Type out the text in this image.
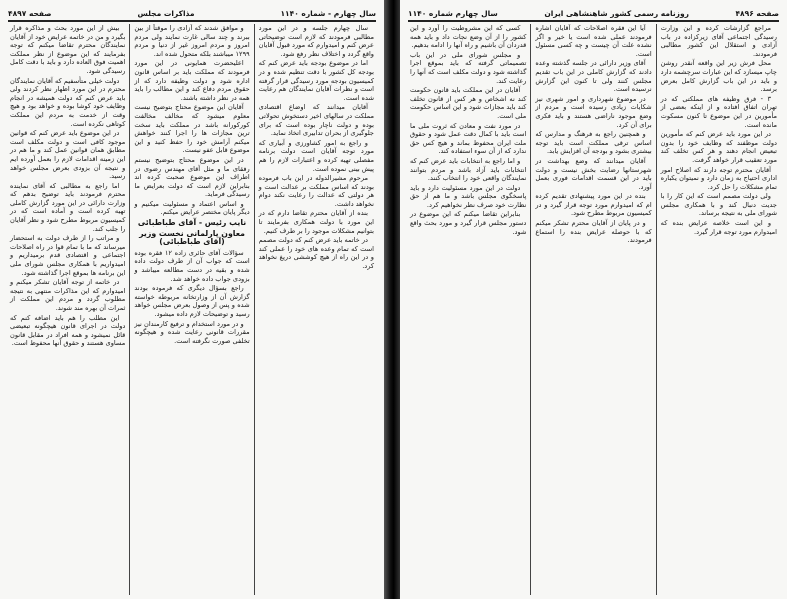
سال چهارم - شماره ۱۱۴۰
مذاکرات مجلس
صفحه ۴۸۹۷

سال چهارم جلسه و در این مورد مطالبی فرمودند که لازم است توضیحاتی عرض کنم و امیدوارم که مورد قبول آقایان واقع گردد و اختلاف نظر رفع شود.

اما در موضوع بودجه باید عرض کنم که بودجه کل کشور با دقت تنظیم شده و در کمیسیون بودجه مورد رسیدگی قرار گرفته است و نظرات آقایان نمایندگان هم رعایت شده است.

آقایان میدانند که اوضاع اقتصادی مملکت در سالهای اخیر دستخوش تحولاتی بوده و دولت ناچار بوده است که برای جلوگیری از بحران تدابیری اتخاذ نماید.

و راجع به امور کشاورزی و آبیاری که مورد توجه آقایان است دولت برنامه مفصلی تهیه کرده و اعتبارات لازم را هم پیش بینی نموده است.

مرحوم مشیرالدوله در این باب فرموده بودند که اساس مملکت بر عدالت است و هر دولتی که عدالت را رعایت نکند دوام نخواهد داشت.

بنده از آقایان محترم تقاضا دارم که در این مورد با دولت همکاری بفرمایند تا بتوانیم مشکلات موجود را بر طرف کنیم.

در خاتمه باید عرض کنم که دولت مصمم است که تمام وعده های خود را عملی کند و در این راه از هیچ کوششی دریغ نخواهد کرد.

و موافق شدند که آزادی را موقتاً از بین ببرند و چند سالی غارت نمایند ولی مردم امروز و مردم امروز غیر از دنیا و مردم ۱۲۹۹ میباشند بلکه متحول شده اند.

اعلیحضرت همایونی در این مورد فرمودند که مملکت باید بر اساس قانون اداره شود و دولت وظیفه دارد که از حقوق مردم دفاع کند و این مطالب را باید همه در نظر داشته باشند.

آقایان این موضوع محتاج بتوضیح نیست معلوم میشود که مخالف مخالفت کورکورانه باشد در مملکت باید سخت ترین مجازات ها را اجرا کنند خواهش میکنم آرامش خود را حفظ کنید و این موضوع قابل عفو نیست.

در این موضوع محتاج بتوضیح نیستم رفقای ما و مثل آقای مهندس رضوی در اطراف این موضوع صحبت کرده اند بنابراین لازم است که دولت بعرایض ما رسیدگی فرماید.

و اساس اعتماد و مسئولیت میکنیم و دیگر پایان مختصر عرایض میکنم.

نایب رئیس - آقای طباطبائی
معاون پارلمانی نخست وزیر (آقای طباطبائی)

سؤالات آقای حائری زاده ۱۲ فقره بوده است که جواب آن از طرف دولت داده شده و بقیه در دست مطالعه میباشد و بزودی جواب داده خواهد شد.

راجع بسؤال دیگری که فرموده بودند گزارش آن از وزارتخانه مربوطه خواسته شده و پس از وصول بعرض مجلس خواهد رسید و توضیحات لازم داده میشود.

و در مورد استخدام و ترفیع کارمندان نیز مقررات قانونی رعایت شده و هیچگونه تخلفی صورت نگرفته است.

بیش از این مورد بحث و مذاکره قرار بگیرد و من در خاتمه عرایض خود از آقایان نمایندگان محترم تقاضا میکنم که توجه بفرمایند که این موضوع از نظر مملکت اهمیت فوق العاده دارد و باید با دقت کامل رسیدگی شود.

دولت خیلی متأسفیم که آقایان نمایندگان محترم در این مورد اظهار نظر کردند ولی باید عرض کنم که دولت همیشه در انجام وظایف خود کوشا بوده و خواهد بود و هیچ وقت از خدمت به مردم این مملکت کوتاهی نکرده است.

در این موضوع باید عرض کنم که قوانین موجود کافی است و دولت مکلف است مطابق همان قوانین عمل کند و ما هم در این زمینه اقدامات لازم را بعمل آورده ایم و نتیجه آن بزودی بعرض مجلس خواهد رسید.

اما راجع به مطالبی که آقای نماینده محترم فرمودند باید توضیح بدهم که وزارت دارائی در این مورد گزارش کاملی تهیه کرده است و آماده است که در کمیسیون مربوط مطرح شود و نظر آقایان را جلب کند.

و مراتب را از طرف دولت به استحضار میرساند که ما با تمام قوا در راه اصلاحات اجتماعی و اقتصادی قدم برمیداریم و امیدواریم با همکاری مجلس شورای ملی این برنامه ها بموقع اجرا گذاشته شود.

در خاتمه از توجه آقایان تشکر میکنم و امیدوارم که این مذاکرات منتهی به نتیجه مطلوب گردد و مردم این مملکت از ثمرات آن بهره مند شوند.

این مطلب را هم باید اضافه کنم که دولت در اجرای قانون هیچگونه تبعیضی قائل نمیشود و همه افراد در مقابل قانون مساوی هستند و حقوق آنها محفوظ است.

صفحه ۴۸۹۶
روزنامه رسمی کشور شاهنشاهی ایران
سال چهارم شماره ۱۱۴۰

مراجع گزارشات کرده و این وزارت رسیدگی اجتماعی آقای زیرکزاده در باب آزادی و استقلال این کشور مطالبی فرمودند.

محل فرش زیر این واقعه آنقدر روشن چاپ میسازد که این عبارات سرچشمه دارد و باید در این باب گزارش کامل بعرض برسد.

۳ - فرق وظیفه های مملکتی که در تهران اتفاق افتاده و از اینکه بعضی از مأمورین در این موضوع تا کنون مسکوت مانده است.

در این مورد باید عرض کنم که مأمورین دولت موظفند که وظایف خود را بدون تبعیض انجام دهند و هر کس تخلف کند مورد تعقیب قرار خواهد گرفت.

آقایان محترم توجه دارند که اصلاح امور اداری احتیاج به زمان دارد و نمیتوان یکباره تمام مشکلات را حل کرد.

ولی دولت مصمم است که این کار را با جدیت دنبال کند و با همکاری مجلس شورای ملی به نتیجه برساند.

و این است خلاصه عرایض بنده که امیدوارم مورد توجه قرار گیرد.

آیا این فقره اصلاحات که آقایان اشاره فرمودند عملی شده است یا خیر و اگر نشده علت آن چیست و چه کسی مسئول است.

آقای وزیر دارائی در جلسه گذشته وعده دادند که گزارش کاملی در این باب تقدیم مجلس کنند ولی تا کنون این گزارش نرسیده است.

در موضوع شهرداری و امور شهری نیز شکایات زیادی رسیده است و مردم از وضع موجود ناراضی هستند و باید فکری برای آن کرد.

و همچنین راجع به فرهنگ و مدارس که اساس ترقی مملکت است باید توجه بیشتری بشود و بودجه آن افزایش یابد.

آقایان میدانند که وضع بهداشت در شهرستانها رضایت بخش نیست و دولت باید در این قسمت اقدامات فوری بعمل آورد.

بنده در این مورد پیشنهادی تقدیم کرده ام که امیدوارم مورد توجه قرار گیرد و در کمیسیون مربوط مطرح شود.

و در پایان از آقایان محترم تشکر میکنم که با حوصله عرایض بنده را استماع فرمودند.

کسی که این مشروطیت را آورد و این کشور را از آن وضع نجات داد و باید همه قدردان آن باشیم و راه آنها را ادامه بدهیم.

و مجلس شورای ملی در این باب تصمیماتی گرفته که باید بموقع اجرا گذاشته شود و دولت مکلف است که آنها را رعایت کند.

آقایان در این مملکت باید قانون حکومت کند نه اشخاص و هر کس از قانون تخلف کند باید مجازات شود و این اساس حکومت ملی است.

در مورد نفت و معادن که ثروت ملی ما است باید با کمال دقت عمل شود و حقوق ملت ایران محفوظ بماند و هیچ کس حق ندارد که از آن سوء استفاده کند.

و اما راجع به انتخابات باید عرض کنم که انتخابات باید آزاد باشد و مردم بتوانند نمایندگان واقعی خود را انتخاب کنند.

دولت در این مورد مسئولیت دارد و باید پاسخگوی مجلس باشد و ما هم از حق نظارت خود صرف نظر نخواهیم کرد.

بنابراین تقاضا میکنم که این موضوع در دستور مجلس قرار گیرد و مورد بحث واقع شود.
